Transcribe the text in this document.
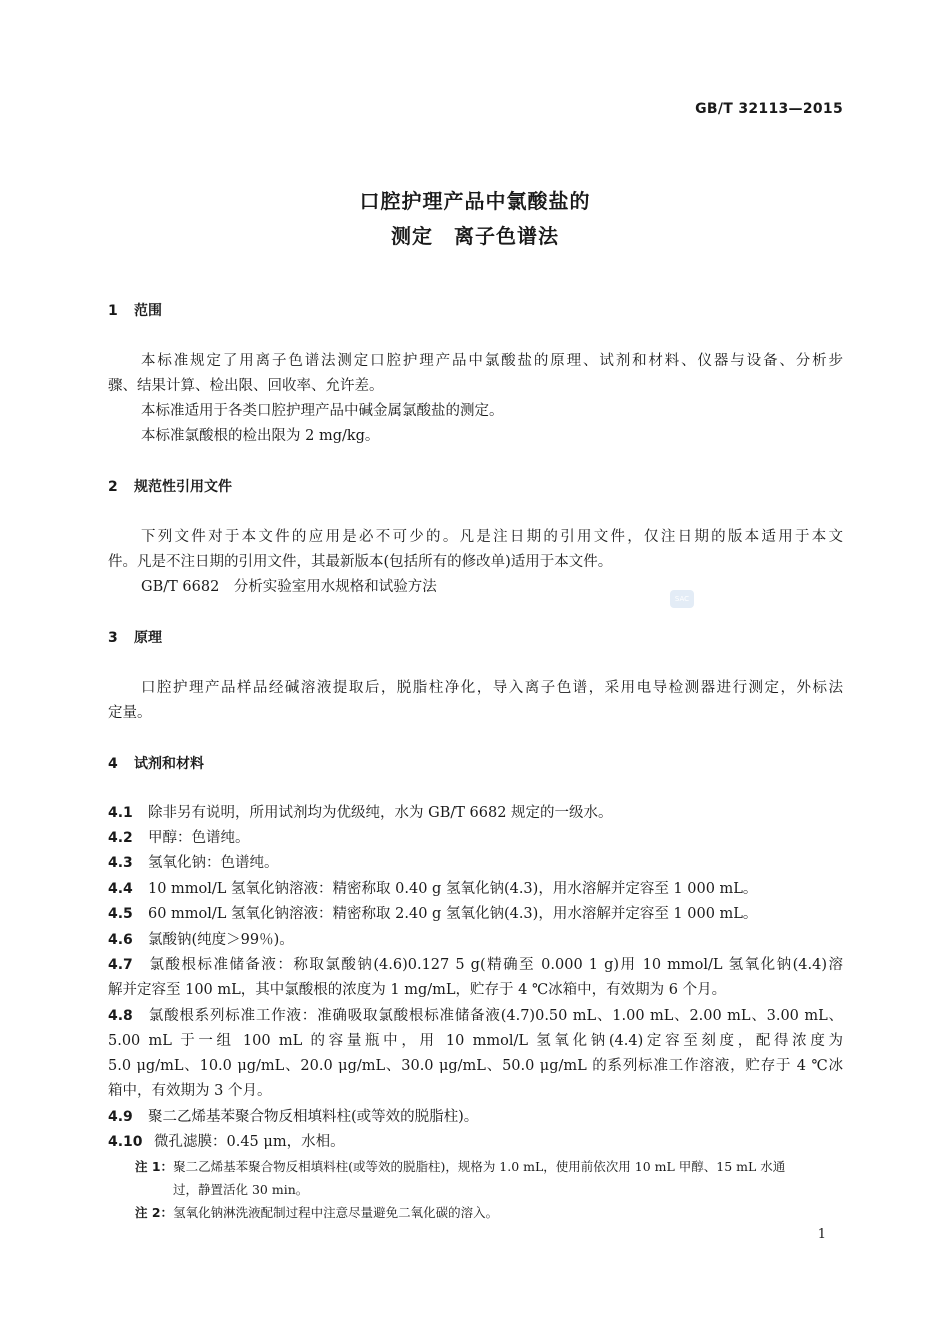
GB/T 32113—2015
口腔护理产品中氯酸盐的
测定　离子色谱法
1 范围
本标准规定了用离子色谱法测定口腔护理产品中氯酸盐的原理、试剂和材料、仪器与设备、分析步
骤、结果计算、检出限、回收率、允许差。
本标准适用于各类口腔护理产品中碱金属氯酸盐的测定。
本标准氯酸根的检出限为 2 mg/kg。
2 规范性引用文件
下列文件对于本文件的应用是必不可少的。凡是注日期的引用文件，仅注日期的版本适用于本文
件。凡是不注日期的引用文件，其最新版本(包括所有的修改单)适用于本文件。
GB/T 6682　分析实验室用水规格和试验方法
SAC
3 原理
口腔护理产品样品经碱溶液提取后，脱脂柱净化，导入离子色谱，采用电导检测器进行测定，外标法
定量。
4 试剂和材料
4.1 除非另有说明，所用试剂均为优级纯，水为 GB/T 6682 规定的一级水。
4.2 甲醇：色谱纯。
4.3 氢氧化钠：色谱纯。
4.4 10 mmol/L 氢氧化钠溶液：精密称取 0.40 g 氢氧化钠(4.3)，用水溶解并定容至 1 000 mL。
4.5 60 mmol/L 氢氧化钠溶液：精密称取 2.40 g 氢氧化钠(4.3)，用水溶解并定容至 1 000 mL。
4.6 氯酸钠(纯度＞99％)。
4.7 氯酸根标准储备液：称取氯酸钠(4.6)0.127 5 g(精确至 0.000 1 g)用 10 mmol/L 氢氧化钠(4.4)溶
解并定容至 100 mL，其中氯酸根的浓度为 1 mg/mL，贮存于 4 ℃冰箱中，有效期为 6 个月。
4.8 氯酸根系列标准工作液：准确吸取氯酸根标准储备液(4.7)0.50 mL、1.00 mL、2.00 mL、3.00 mL、
5.00 mL 于一组 100 mL 的容量瓶中，用 10 mmol/L 氢氧化钠(4.4)定容至刻度，配得浓度为
5.0 μg/mL、10.0 μg/mL、20.0 μg/mL、30.0 μg/mL、50.0 μg/mL 的系列标准工作溶液，贮存于 4 ℃冰
箱中，有效期为 3 个月。
4.9 聚二乙烯基苯聚合物反相填料柱(或等效的脱脂柱)。
4.10 微孔滤膜：0.45 μm，水相。
注 1：聚二乙烯基苯聚合物反相填料柱(或等效的脱脂柱)，规格为 1.0 mL，使用前依次用 10 mL 甲醇、15 mL 水通
过，静置活化 30 min。
注 2：氢氧化钠淋洗液配制过程中注意尽量避免二氧化碳的溶入。
1
